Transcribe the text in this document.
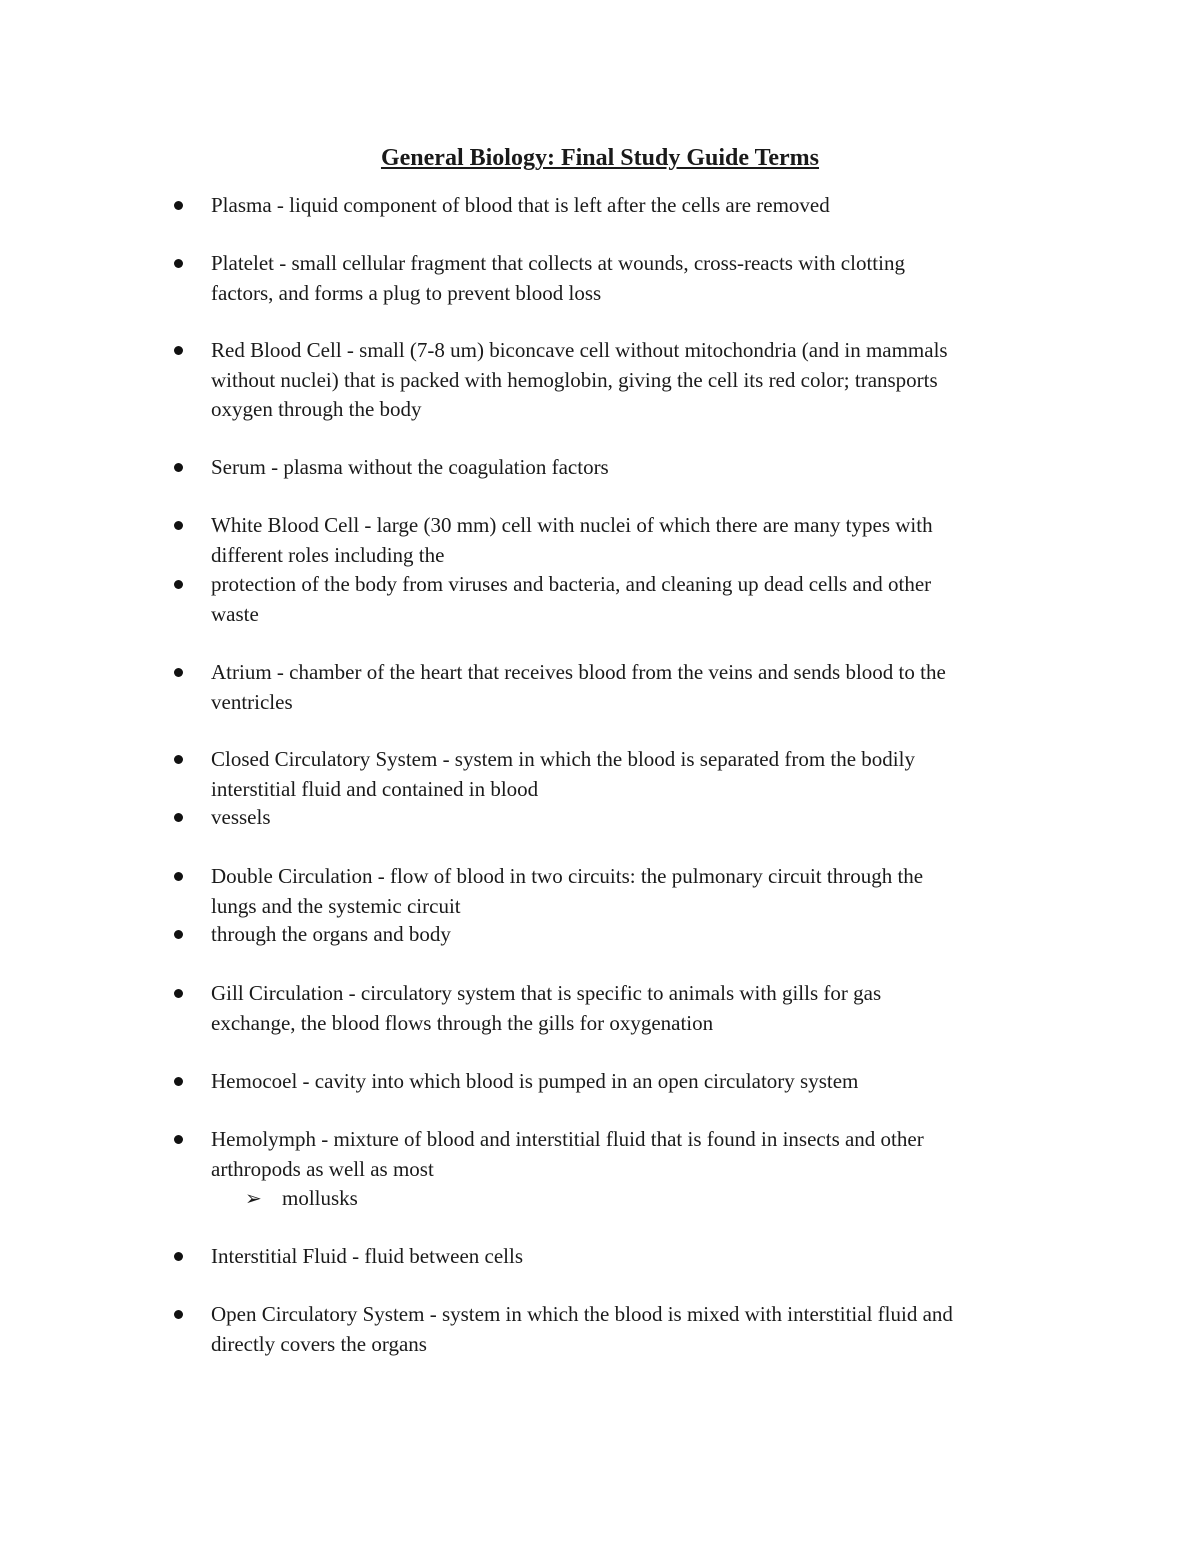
General Biology: Final Study Guide Terms
Plasma - liquid component of blood that is left after the cells are removed
Platelet - small cellular fragment that collects at wounds, cross-reacts with clotting
factors, and forms a plug to prevent blood loss
Red Blood Cell - small (7-8 um) biconcave cell without mitochondria (and in mammals
without nuclei) that is packed with hemoglobin, giving the cell its red color; transports
oxygen through the body
Serum - plasma without the coagulation factors
White Blood Cell - large (30 mm) cell with nuclei of which there are many types with
different roles including the
protection of the body from viruses and bacteria, and cleaning up dead cells and other
waste
Atrium - chamber of the heart that receives blood from the veins and sends blood to the
ventricles
Closed Circulatory System - system in which the blood is separated from the bodily
interstitial fluid and contained in blood
vessels
Double Circulation - flow of blood in two circuits: the pulmonary circuit through the
lungs and the systemic circuit
through the organs and body
Gill Circulation - circulatory system that is specific to animals with gills for gas
exchange, the blood flows through the gills for oxygenation
Hemocoel - cavity into which blood is pumped in an open circulatory system
Hemolymph - mixture of blood and interstitial fluid that is found in insects and other
arthropods as well as most
➢ mollusks
Interstitial Fluid - fluid between cells
Open Circulatory System - system in which the blood is mixed with interstitial fluid and
directly covers the organs
